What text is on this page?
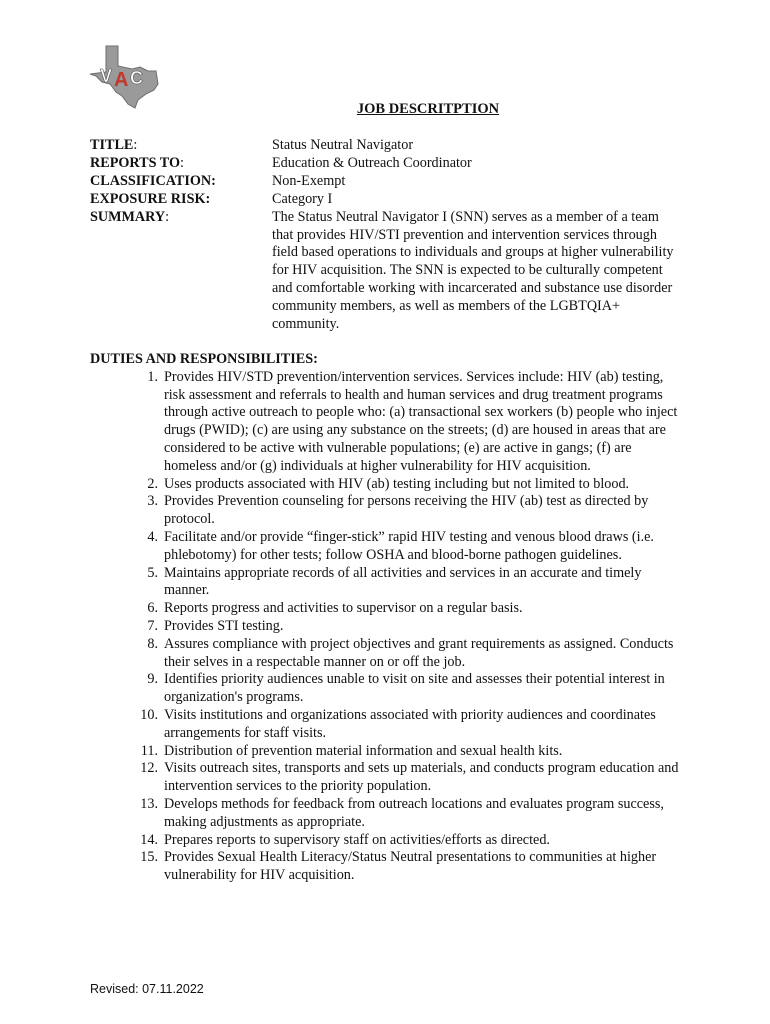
V A C
JOB DESCRITPTION
TITLE:	Status Neutral Navigator
REPORTS TO:	Education & Outreach Coordinator
CLASSIFICATION:	Non-Exempt
EXPOSURE RISK:	Category I
SUMMARY:	The Status Neutral Navigator I (SNN) serves as a member of a team that provides HIV/STI prevention and intervention services through field based operations to individuals and groups at higher vulnerability for HIV acquisition. The SNN is expected to be culturally competent and comfortable working with incarcerated and substance use disorder community members, as well as members of the LGBTQIA+ community.
DUTIES AND RESPONSIBILITIES:
1. Provides HIV/STD prevention/intervention services. Services include: HIV (ab) testing, risk assessment and referrals to health and human services and drug treatment programs through active outreach to people who: (a) transactional sex workers (b) people who inject drugs (PWID); (c) are using any substance on the streets; (d) are housed in areas that are considered to be active with vulnerable populations; (e) are active in gangs; (f) are homeless and/or (g) individuals at higher vulnerability for HIV acquisition.
2. Uses products associated with HIV (ab) testing including but not limited to blood.
3. Provides Prevention counseling for persons receiving the HIV (ab) test as directed by protocol.
4. Facilitate and/or provide “finger-stick” rapid HIV testing and venous blood draws (i.e. phlebotomy) for other tests; follow OSHA and blood-borne pathogen guidelines.
5. Maintains appropriate records of all activities and services in an accurate and timely manner.
6. Reports progress and activities to supervisor on a regular basis.
7. Provides STI testing.
8. Assures compliance with project objectives and grant requirements as assigned. Conducts their selves in a respectable manner on or off the job.
9. Identifies priority audiences unable to visit on site and assesses their potential interest in organization's programs.
10. Visits institutions and organizations associated with priority audiences and coordinates arrangements for staff visits.
11. Distribution of prevention material information and sexual health kits.
12. Visits outreach sites, transports and sets up materials, and conducts program education and intervention services to the priority population.
13. Develops methods for feedback from outreach locations and evaluates program success, making adjustments as appropriate.
14. Prepares reports to supervisory staff on activities/efforts as directed.
15. Provides Sexual Health Literacy/Status Neutral presentations to communities at higher vulnerability for HIV acquisition.
Revised: 07.11.2022
